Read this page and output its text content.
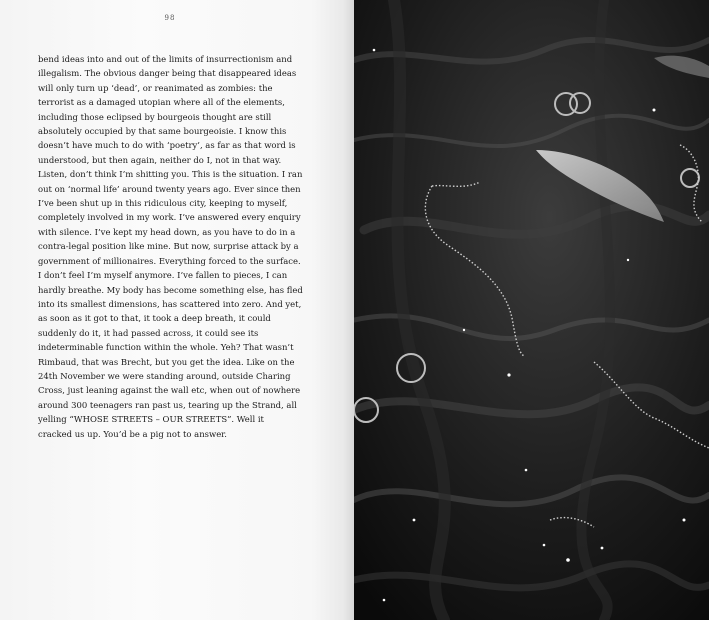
98

bend ideas into and out of the limits of insurrectionism and
illegalism. The obvious danger being that disappeared ideas
will only turn up ‘dead’, or reanimated as zombies: the
terrorist as a damaged utopian where all of the elements,
including those eclipsed by bourgeois thought are still
absolutely occupied by that same bourgeoisie. I know this
doesn’t have much to do with ‘poetry’, as far as that word is
understood, but then again, neither do I, not in that way.
Listen, don’t think I’m shitting you. This is the situation. I ran
out on ‘normal life’ around twenty years ago. Ever since then
I’ve been shut up in this ridiculous city, keeping to myself,
completely involved in my work. I’ve answered every enquiry
with silence. I’ve kept my head down, as you have to do in a
contra-legal position like mine. But now, surprise attack by a
government of millionaires. Everything forced to the surface.
I don’t feel I’m myself anymore. I’ve fallen to pieces, I can
hardly breathe. My body has become something else, has fled
into its smallest dimensions, has scattered into zero. And yet,
as soon as it got to that, it took a deep breath, it could
suddenly do it, it had passed across, it could see its
indeterminable function within the whole. Yeh? That wasn’t
Rimbaud, that was Brecht, but you get the idea. Like on the
24th November we were standing around, outside Charing
Cross, just leaning against the wall etc, when out of nowhere
around 300 teenagers ran past us, tearing up the Strand, all
yelling “WHOSE STREETS – OUR STREETS”. Well it
cracked us up. You’d be a pig not to answer.
